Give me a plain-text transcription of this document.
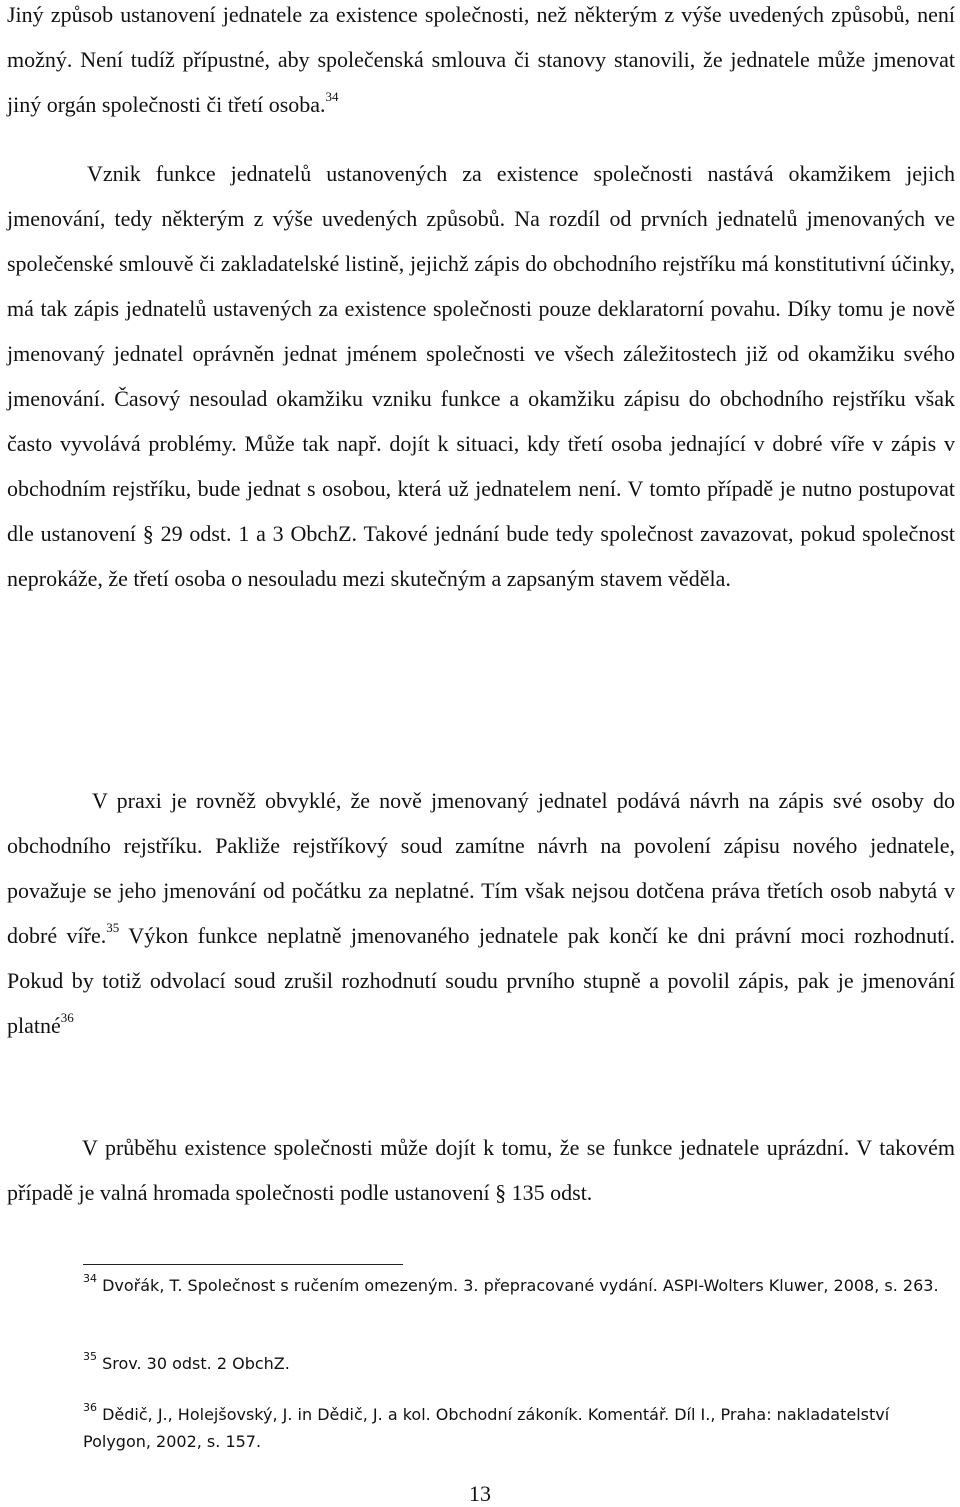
Jiný způsob ustanovení jednatele za existence společnosti, než některým z výše uvedených způsobů, není možný. Není tudíž přípustné, aby společenská smlouva či stanovy stanovili, že jednatele může jmenovat jiný orgán společnosti či třetí osoba.$^{34}$

Vznik funkce jednatelů ustanovených za existence společnosti nastává okamžikem jejich jmenování, tedy některým z výše uvedených způsobů. Na rozdíl od prvních jednatelů jmenovaných ve společenské smlouvě či zakladatelské listině, jejichž zápis do obchodního rejstříku má konstitutivní účinky, má tak zápis jednatelů ustavených za existence společnosti pouze deklaratorní povahu. Díky tomu je nově jmenovaný jednatel oprávněn jednat jménem společnosti ve všech záležitostech již od okamžiku svého jmenování. Časový nesoulad okamžiku vzniku funkce a okamžiku zápisu do obchodního rejstříku však často vyvolává problémy. Může tak např. dojít k situaci, kdy třetí osoba jednající v dobré víře v zápis v obchodním rejstříku, bude jednat s osobou, která už jednatelem není. V tomto případě je nutno postupovat dle ustanovení § 29 odst. 1 a 3 ObchZ. Takové jednání bude tedy společnost zavazovat, pokud společnost neprokáže, že třetí osoba o nesouladu mezi skutečným a zapsaným stavem věděla.

V praxi je rovněž obvyklé, že nově jmenovaný jednatel podává návrh na zápis své osoby do obchodního rejstříku. Pakliže rejstříkový soud zamítne návrh na povolení zápisu nového jednatele, považuje se jeho jmenování od počátku za neplatné. Tím však nejsou dotčena práva třetích osob nabytá v dobré víře.$^{35}$ Výkon funkce neplatně jmenovaného jednatele pak končí ke dni právní moci rozhodnutí. Pokud by totiž odvolací soud zrušil rozhodnutí soudu prvního stupně a povolil zápis, pak je jmenování platné$^{36}$

V průběhu existence společnosti může dojít k tomu, že se funkce jednatele uprázdní. V takovém případě je valná hromada společnosti podle ustanovení § 135 odst.

$^{34}$ Dvořák, T. Společnost s ručením omezeným. 3. přepracované vydání. ASPI-Wolters Kluwer, 2008, s. 263.
$^{35}$ Srov. 30 odst. 2 ObchZ.
$^{36}$ Dědič, J., Holejšovský, J. in Dědič, J. a kol. Obchodní zákoník. Komentář. Díl I., Praha: nakladatelství Polygon, 2002, s. 157.
13
